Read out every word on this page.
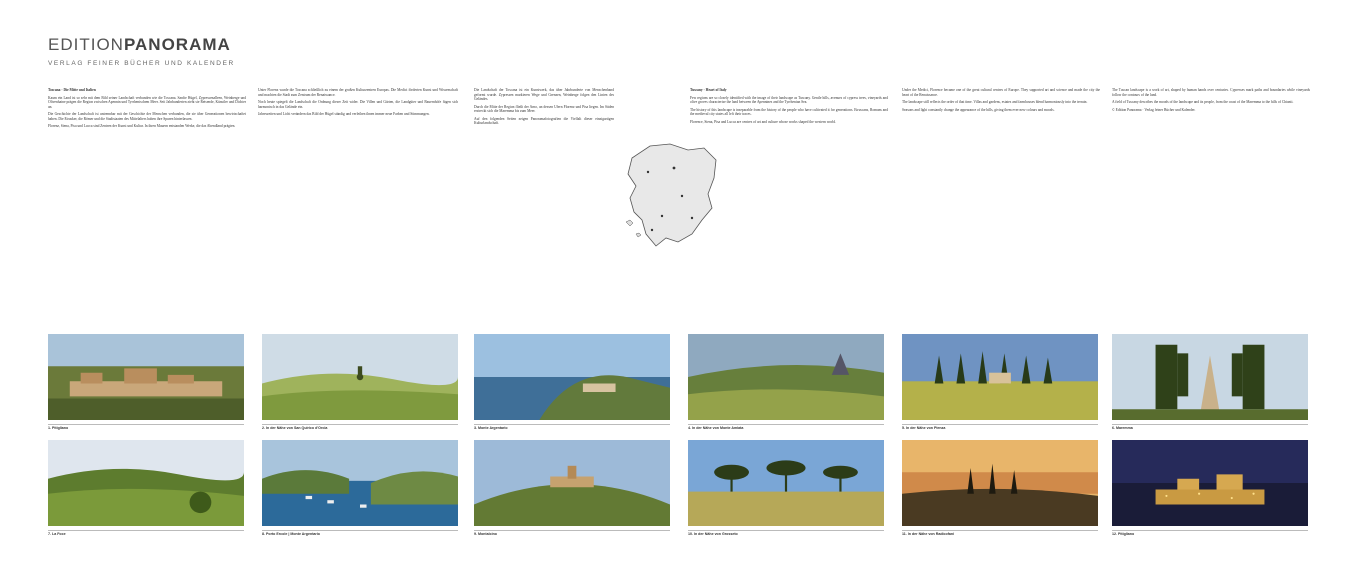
EDITIONPANORAMA
VERLAG FEINER BÜCHER UND KALENDER

Toscana · Die Mitte und Italien

Kaum ein Land ist so sehr mit dem Bild seiner Landschaft verbunden wie die Toscana. Sanfte Hügel, Zypressenalleen, Weinberge und Olivenhaine prägen die Region zwischen Apennin und Tyrrhenischem Meer. Seit Jahrhunderten zieht sie Reisende, Künstler und Dichter an.

Die Geschichte der Landschaft ist untrennbar mit der Geschichte der Menschen verbunden, die sie über Generationen bewirtschaftet haben. Die Etrusker, die Römer und die Stadtstaaten des Mittelalters haben ihre Spuren hinterlassen.

Florenz, Siena, Pisa und Lucca sind Zentren der Kunst und Kultur. In ihren Mauern entstanden Werke, die das Abendland prägten.

Unter Florenz wurde die Toscana schließlich zu einem der großen Kulturzentren Europas. Die Medici förderten Kunst und Wissenschaft und machten die Stadt zum Zentrum der Renaissance.

Noch heute spiegelt die Landschaft die Ordnung dieser Zeit wider. Die Villen und Gärten, die Landgüter und Bauernhöfe fügen sich harmonisch in das Gelände ein.

Jahreszeiten und Licht verändern das Bild der Hügel ständig und verleihen ihnen immer neue Farben und Stimmungen.

Die Landschaft der Toscana ist ein Kunstwerk, das über Jahrhunderte von Menschenhand geformt wurde. Zypressen markieren Wege und Grenzen, Weinberge folgen den Linien des Geländes.

Durch die Mitte der Region fließt der Arno, an dessen Ufern Florenz und Pisa liegen. Im Süden erstreckt sich die Maremma bis zum Meer.

Auf den folgenden Seiten zeigen Panoramafotografien die Vielfalt dieser einzigartigen Kulturlandschaft.

Tuscany · Heart of Italy

Few regions are so closely identified with the image of their landscape as Tuscany. Gentle hills, avenues of cypress trees, vineyards and olive groves characterise the land between the Apennines and the Tyrrhenian Sea.

The history of this landscape is inseparable from the history of the people who have cultivated it for generations. Etruscans, Romans and the medieval city states all left their traces.

Florence, Siena, Pisa and Lucca are centres of art and culture whose works shaped the western world.

Under the Medici, Florence became one of the great cultural centres of Europe. They supported art and science and made the city the heart of the Renaissance.

The landscape still reflects the order of that time. Villas and gardens, estates and farmhouses blend harmoniously into the terrain.

Seasons and light constantly change the appearance of the hills, giving them ever new colours and moods.

The Tuscan landscape is a work of art, shaped by human hands over centuries. Cypresses mark paths and boundaries while vineyards follow the contours of the land.

A field of Tuscany describes the moods of the landscape and its people, from the coast of the Maremma to the hills of Chianti.

© Edition Panorama · Verlag feiner Bücher und Kalender.

1. Pitigliano	2. In der Nähe von San Quirico d'Orcia	3. Monte Argentario	4. In der Nähe von Monte Amiata	5. In der Nähe von Pienza	6. Maremma
7. La Foce	8. Porto Ercole | Monte Argentario	9. Montalcino	10. In der Nähe von Grosseto	11. In der Nähe von Radicofani	12. Pitigliano
